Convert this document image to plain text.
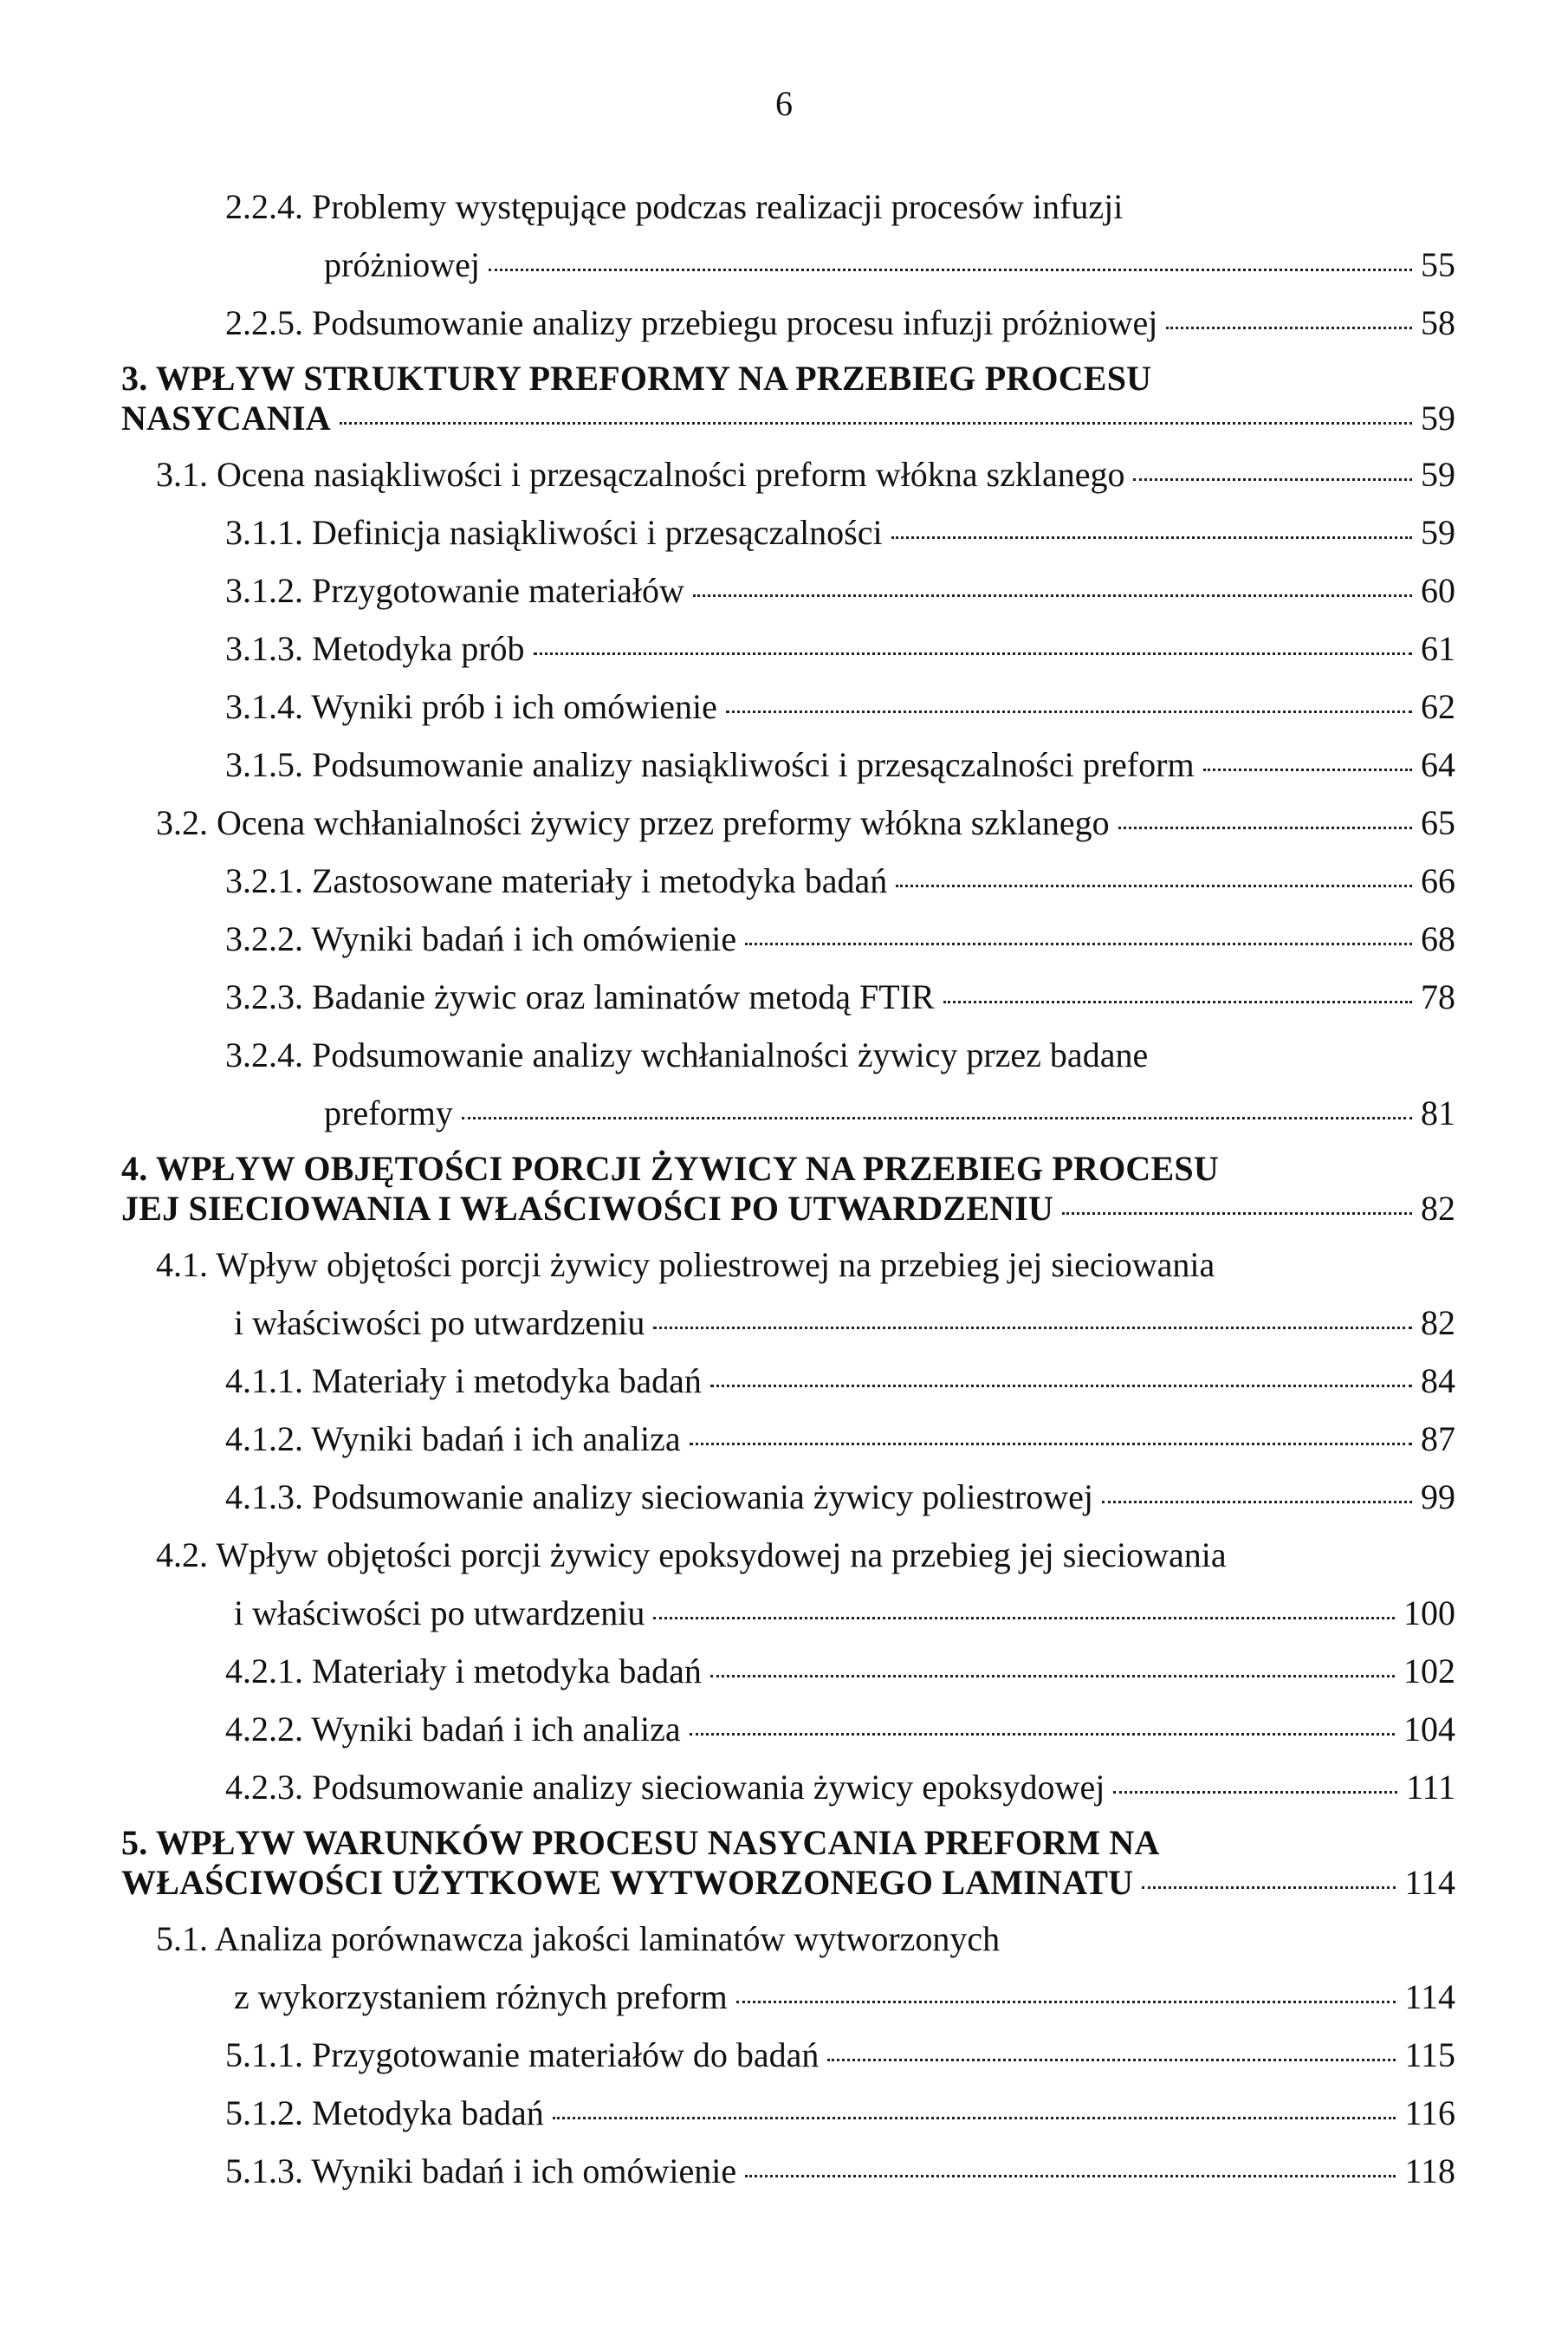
6
2.2.4. Problemy występujące podczas realizacji procesów infuzji
próżniowej	55
2.2.5. Podsumowanie analizy przebiegu procesu infuzji próżniowej	58
3. WPŁYW STRUKTURY PREFORMY NA PRZEBIEG PROCESU
NASYCANIA	59
3.1. Ocena nasiąkliwości i przesączalności preform włókna szklanego	59
3.1.1. Definicja nasiąkliwości i przesączalności	59
3.1.2. Przygotowanie materiałów	60
3.1.3. Metodyka prób	61
3.1.4. Wyniki prób i ich omówienie	62
3.1.5. Podsumowanie analizy nasiąkliwości i przesączalności preform	64
3.2. Ocena wchłanialności żywicy przez preformy włókna szklanego	65
3.2.1. Zastosowane materiały i metodyka badań	66
3.2.2. Wyniki badań i ich omówienie	68
3.2.3. Badanie żywic oraz laminatów metodą FTIR	78
3.2.4. Podsumowanie analizy wchłanialności żywicy przez badane
preformy	81
4. WPŁYW OBJĘTOŚCI PORCJI ŻYWICY NA PRZEBIEG PROCESU
JEJ SIECIOWANIA I WŁAŚCIWOŚCI PO UTWARDZENIU	82
4.1. Wpływ objętości porcji żywicy poliestrowej na przebieg jej sieciowania
i właściwości po utwardzeniu	82
4.1.1. Materiały i metodyka badań	84
4.1.2. Wyniki badań i ich analiza	87
4.1.3. Podsumowanie analizy sieciowania żywicy poliestrowej	99
4.2. Wpływ objętości porcji żywicy epoksydowej na przebieg jej sieciowania
i właściwości po utwardzeniu	100
4.2.1. Materiały i metodyka badań	102
4.2.2. Wyniki badań i ich analiza	104
4.2.3. Podsumowanie analizy sieciowania żywicy epoksydowej	111
5. WPŁYW WARUNKÓW PROCESU NASYCANIA PREFORM NA
WŁAŚCIWOŚCI UŻYTKOWE WYTWORZONEGO LAMINATU	114
5.1. Analiza porównawcza jakości laminatów wytworzonych
z wykorzystaniem różnych preform	114
5.1.1. Przygotowanie materiałów do badań	115
5.1.2. Metodyka badań	116
5.1.3. Wyniki badań i ich omówienie	118
